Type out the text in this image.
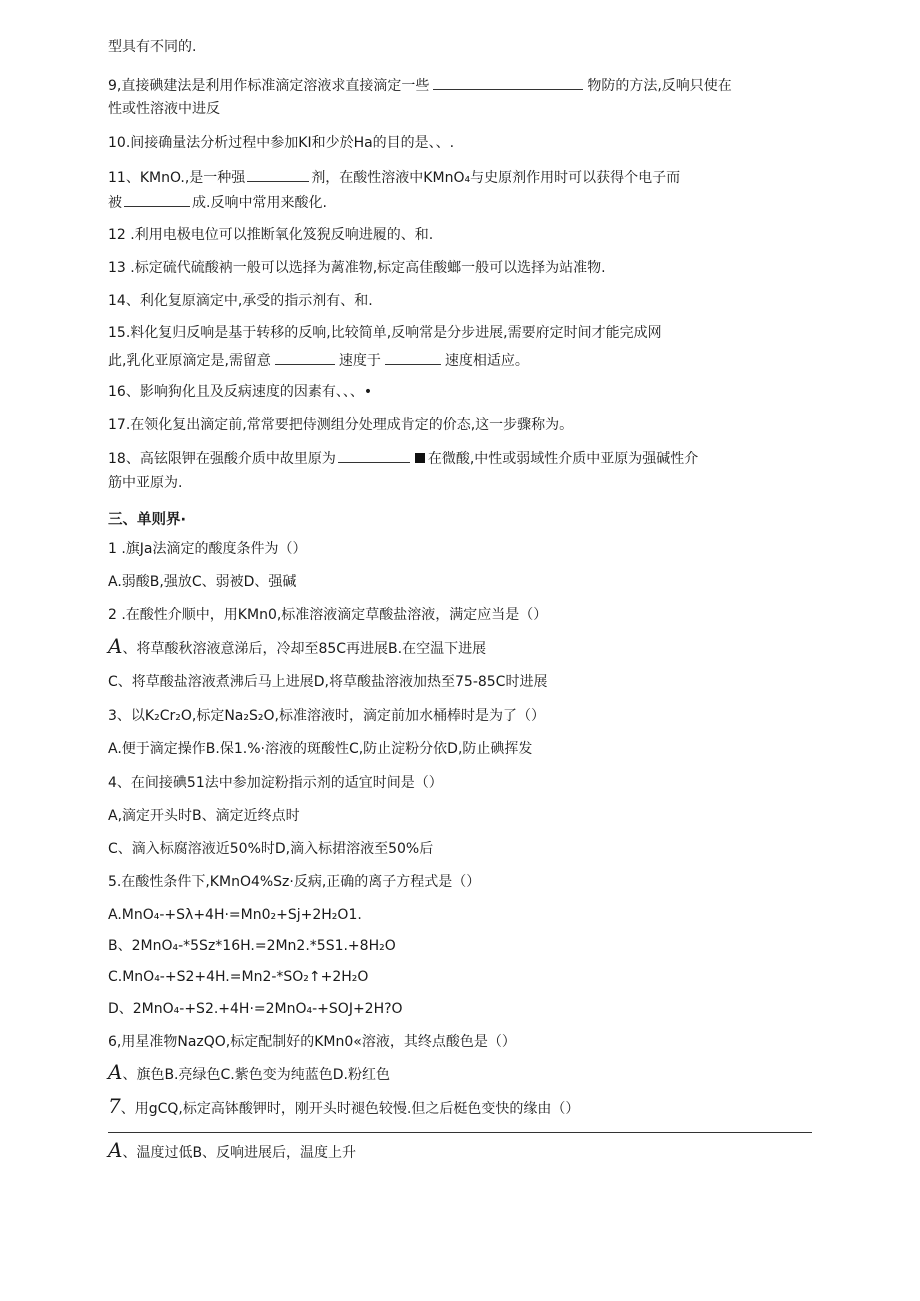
型具有不同的.
9,直接碘建法是利用作标准滴定溶液求直接滴定一些	物防的方法,反响只使在
性或性溶液中进反
10.间接确量法分析过程中参加KI和少於Ha的目的是、、.
11、KMnO.,是一种强	剂，在酸性溶液中KMnO₄与史原剂作用时可以获得个电子而
被	成.反响中常用来酸化.
12 .利用电极电位可以推断氧化笈猊反响进履的、和.
13 .标定硫代硫酸衲一般可以选择为蓠准物,标定高佳酸螂一般可以选择为站准物.
14、利化复原滴定中,承受的指示剂有、和.
15.料化复归反响是基于转移的反响,比较简单,反响常是分步进展,需要府定时间才能完成网
此,乳化亚原滴定是,需留意	速度于	速度相适应。
16、影响狗化且及反病速度的因素有、、、•
17.在领化复出滴定前,常常要把侍测组分处理成肯定的价态,这一步骤称为。
18、高铉限钾在强酸介质中故里原为	在微酸,中性或弱域性介质中亚原为强碱性介
筋中亚原为.
三、单则界·
1 .旗Ja法滴定的酸度条件为（）
A.弱酸B,强放C、弱被D、强碱
2 .在酸性介顺中，用KMn0,标准溶液滴定草酸盐溶液，满定应当是（）
A、将草酸秋溶液意涕后，冷却至85C再进展B.在空温下进展
C、将草酸盐溶液煮沸后马上进展D,将草酸盐溶液加热至75-85C时进展
3、以K₂Cr₂O,标定Na₂S₂O,标准溶液时，滴定前加水桶棒时是为了（）
A.便于滴定操作B.保1.%·溶液的斑酸性C,防止淀粉分依D,防止碘挥发
4、在间接碘51法中参加淀粉指示剂的适宜时间是（）
A,滴定开头时B、滴定近终点时
C、滴入标腐溶液近50%时D,滴入标捃溶液至50%后
5.在酸性条件下,KMnO4%Sz·反病,正确的离子方程式是（）
A.MnO₄-+Sλ+4H·=Mn0₂+Sj+2H₂O1.
B、2MnO₄-*5Sz*16H.=2Mn2.*5S1.+8H₂O
C.MnO₄-+S2+4H.=Mn2-*SO₂↑+2H₂O
D、2MnO₄-+S2.+4H·=2MnO₄-+SOJ+2H?O
6,用星准物NazQO,标定配制好的KMn0«溶液，其终点酸色是（）
A、旗色B.亮绿色C.紫色变为纯蓝色D.粉红色
7、用gCQ,标定高钵酸钾时，刚开头时褪色较慢.但之后梃色变快的缘由（）
A、温度过低B、反响进展后，温度上升
